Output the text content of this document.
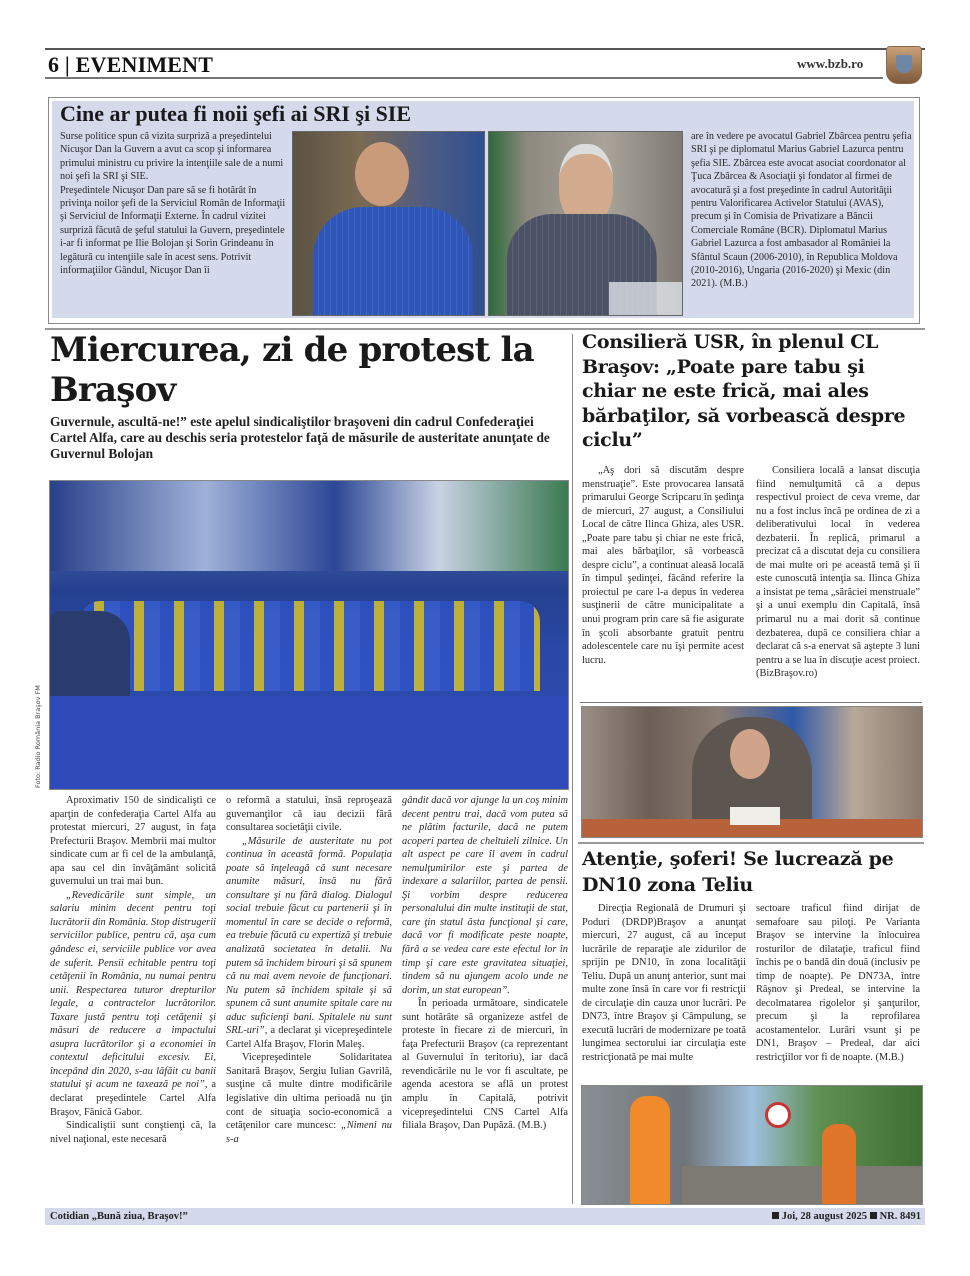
6 | EVENIMENT	www.bzb.ro
Cine ar putea fi noii şefi ai SRI şi SIE
Surse politice spun că vizita surpriză a preşedintelui Nicuşor Dan la Guvern a avut ca scop şi informarea primului ministru cu privire la intenţiile sale de a numi noi şefi la SRI şi SIE.
Preşedintele Nicuşor Dan pare să se fi hotărât în privinţa noilor şefi de la Serviciul Român de Informaţii şi Serviciul de Informaţii Externe. În cadrul vizitei surpriză făcută de şeful statului la Guvern, preşedintele i-ar fi informat pe Ilie Bolojan şi Sorin Grindeanu în legătură cu intenţiile sale în acest sens. Potrivit informaţiilor Gândul, Nicuşor Dan îi
are în vedere pe avocatul Gabriel Zbârcea pentru şefia SRI şi pe diplomatul Marius Gabriel Lazurca pentru şefia SIE. Zbârcea este avocat asociat coordonator al Ţuca Zbârcea & Asociaţii şi fondator al firmei de avocatură şi a fost preşedinte în cadrul Autorităţii pentru Valorificarea Activelor Statului (AVAS), precum şi în Comisia de Privatizare a Băncii Comerciale Române (BCR). Diplomatul Marius Gabriel Lazurca a fost ambasador al României la Sfântul Scaun (2006-2010), în Republica Moldova (2010-2016), Ungaria (2016-2020) şi Mexic (din 2021). (M.B.)
Miercurea, zi de protest la Braşov
Guvernule, ascultă-ne!” este apelul sindicaliştilor braşoveni din cadrul Confederaţiei Cartel Alfa, care au deschis seria protestelor faţă de măsurile de austeritate anunţate de Guvernul Bolojan
Foto: Radio România Braşov FM

Aproximativ 150 de sindicalişti ce aparţin de confederaţia Cartel Alfa au protestat miercuri, 27 august, în faţa Prefecturii Braşov. Membrii mai multor sindicate cum ar fi cel de la ambulanţă, apa sau cel din învăţământ solicită guvernului un trai mai bun.

„Revedicările sunt simple, un salariu minim decent pentru toţi lucrătorii din România. Stop distrugerii serviciilor publice, pentru că, aşa cum gândesc ei, serviciile publice vor avea de suferit. Pensii echitable pentru toţi cetăţenii în România, nu numai pentru unii. Respectarea tuturor drepturilor legale, a contractelor lucrătorilor. Taxare justă pentru toţi cetăţenii şi măsuri de reducere a impactului asupra lucrătorilor şi a economiei în contextul deficitului excesiv. Ei, începând din 2020, s-au lăfăit cu banii statului şi acum ne taxează pe noi”, a declarat preşedintele Cartel Alfa Braşov, Fănică Gabor.

Sindicaliştii sunt conştienţi că, la nivel naţional, este necesară

o reformă a statului, însă reproşează guvernanţilor că iau decizii fără consultarea societăţii civile.

„Măsurile de austeritate nu pot continua în această formă. Populaţia poate să înţeleagă că sunt necesare anumite măsuri, însă nu fără consultare şi nu fără dialog. Dialogul social trebuie făcut cu partenerii şi în momentul în care se decide o reformă, ea trebuie făcută cu expertiză şi trebuie analizată societatea în detalii. Nu putem să închidem birouri şi să spunem că nu mai avem nevoie de funcţionari. Nu putem să închidem spitale şi să spunem că sunt anumite spitale care nu aduc suficienţi bani. Spitalele nu sunt SRL-uri”, a declarat şi vicepreşedintele Cartel Alfa Braşov, Florin Maleş.

Vicepreşedintele Solidaritatea Sanitară Braşov, Sergiu Iulian Gavrilă, susţine că multe dintre modificările legislative din ultima perioadă nu ţin cont de situaţia socio-economică a cetăţenilor care muncesc: „Nimeni nu s-a

gândit dacă vor ajunge la un coş minim decent pentru trai, dacă vom putea să ne plătim facturile, dacă ne putem acoperi partea de cheltuieli zilnice. Un alt aspect pe care îl avem în cadrul nemulţumirilor este şi partea de indexare a salariilor, partea de pensii. Şi vorbim despre reducerea personalului din multe instituţii de stat, care ţin statul ăsta funcţional şi care, dacă vor fi modificate peste noapte, fără a se vedea care este efectul lor în timp şi care este gravitatea situaţiei, tindem să nu ajungem acolo unde ne dorim, un stat european”.

În perioada următoare, sindicatele sunt hotărâte să organizeze astfel de proteste în fiecare zi de miercuri, în faţa Prefecturii Braşov (ca reprezentant al Guvernului în teritoriu), iar dacă revendicările nu le vor fi ascultate, pe agenda acestora se află un protest amplu în Capitală, potrivit vicepreşedintelui CNS Cartel Alfa filiala Braşov, Dan Pupăză. (M.B.)

Consilieră USR, în plenul CL Braşov: „Poate pare tabu şi chiar ne este frică, mai ales bărbaţilor, să vorbească despre ciclu”

„Aş dori să discutăm despre menstruaţie”. Este provocarea lansată primarului George Scripcaru în şedinţa de miercuri, 27 august, a Consiliului Local de către Ilinca Ghiza, ales USR. „Poate pare tabu şi chiar ne este frică, mai ales bărbaţilor, să vorbească despre ciclu”, a continuat aleasă locală în timpul şedinţei, făcând referire la proiectul pe care l-a depus în vederea susţinerii de către municipalitate a unui program prin care să fie asigurate în şcoli absorbante gratuit pentru adolescentele care nu îşi permite acest lucru.

Consiliera locală a lansat discuţia fiind nemulţumită că a depus respectivul proiect de ceva vreme, dar nu a fost inclus încă pe ordinea de zi a deliberativului local în vederea dezbaterii. În replică, primarul a precizat că a discutat deja cu consiliera de mai multe ori pe această temă şi îi este cunoscută intenţia sa. Ilinca Ghiza a insistat pe tema „sărăciei menstruale” şi a unui exemplu din Capitală, însă primarul nu a mai dorit să continue dezbaterea, după ce consiliera chiar a declarat că s-a enervat să aştepte 3 luni pentru a se lua în discuţie acest proiect. (BizBraşov.ro)

Atenţie, şoferi! Se lucrează pe DN10 zona Teliu

Direcţia Regională de Drumuri şi Poduri (DRDP)Braşov a anunţat miercuri, 27 august, că au început lucrările de reparaţie ale zidurilor de sprijin pe DN10, în zona localităţii Teliu. După un anunţ anterior, sunt mai multe zone însă în care vor fi restricţii de circulaţie din cauza unor lucrări. Pe DN73, între Braşov şi Câmpulung, se execută lucrări de modernizare pe toată lungimea sectorului iar circulaţia este restricţionată pe mai multe

sectoare traficul fiind dirijat de semafoare sau piloţi. Pe Varianta Braşov se intervine la înlocuirea rosturilor de dilataţie, traficul fiind închis pe o bandă din două (inclusiv pe timp de noapte). Pe DN73A, între Râşnov şi Predeal, se intervine la decolmatarea rigolelor şi şanţurilor, precum şi la reprofilarea acostamentelor. Lurări vsunt şi pe DN1, Braşov – Predeal, dar aici restricţiilor vor fi de noapte. (M.B.)

Cotidian „Bună ziua, Braşov!”	Joi, 28 august 2025 NR. 8491
